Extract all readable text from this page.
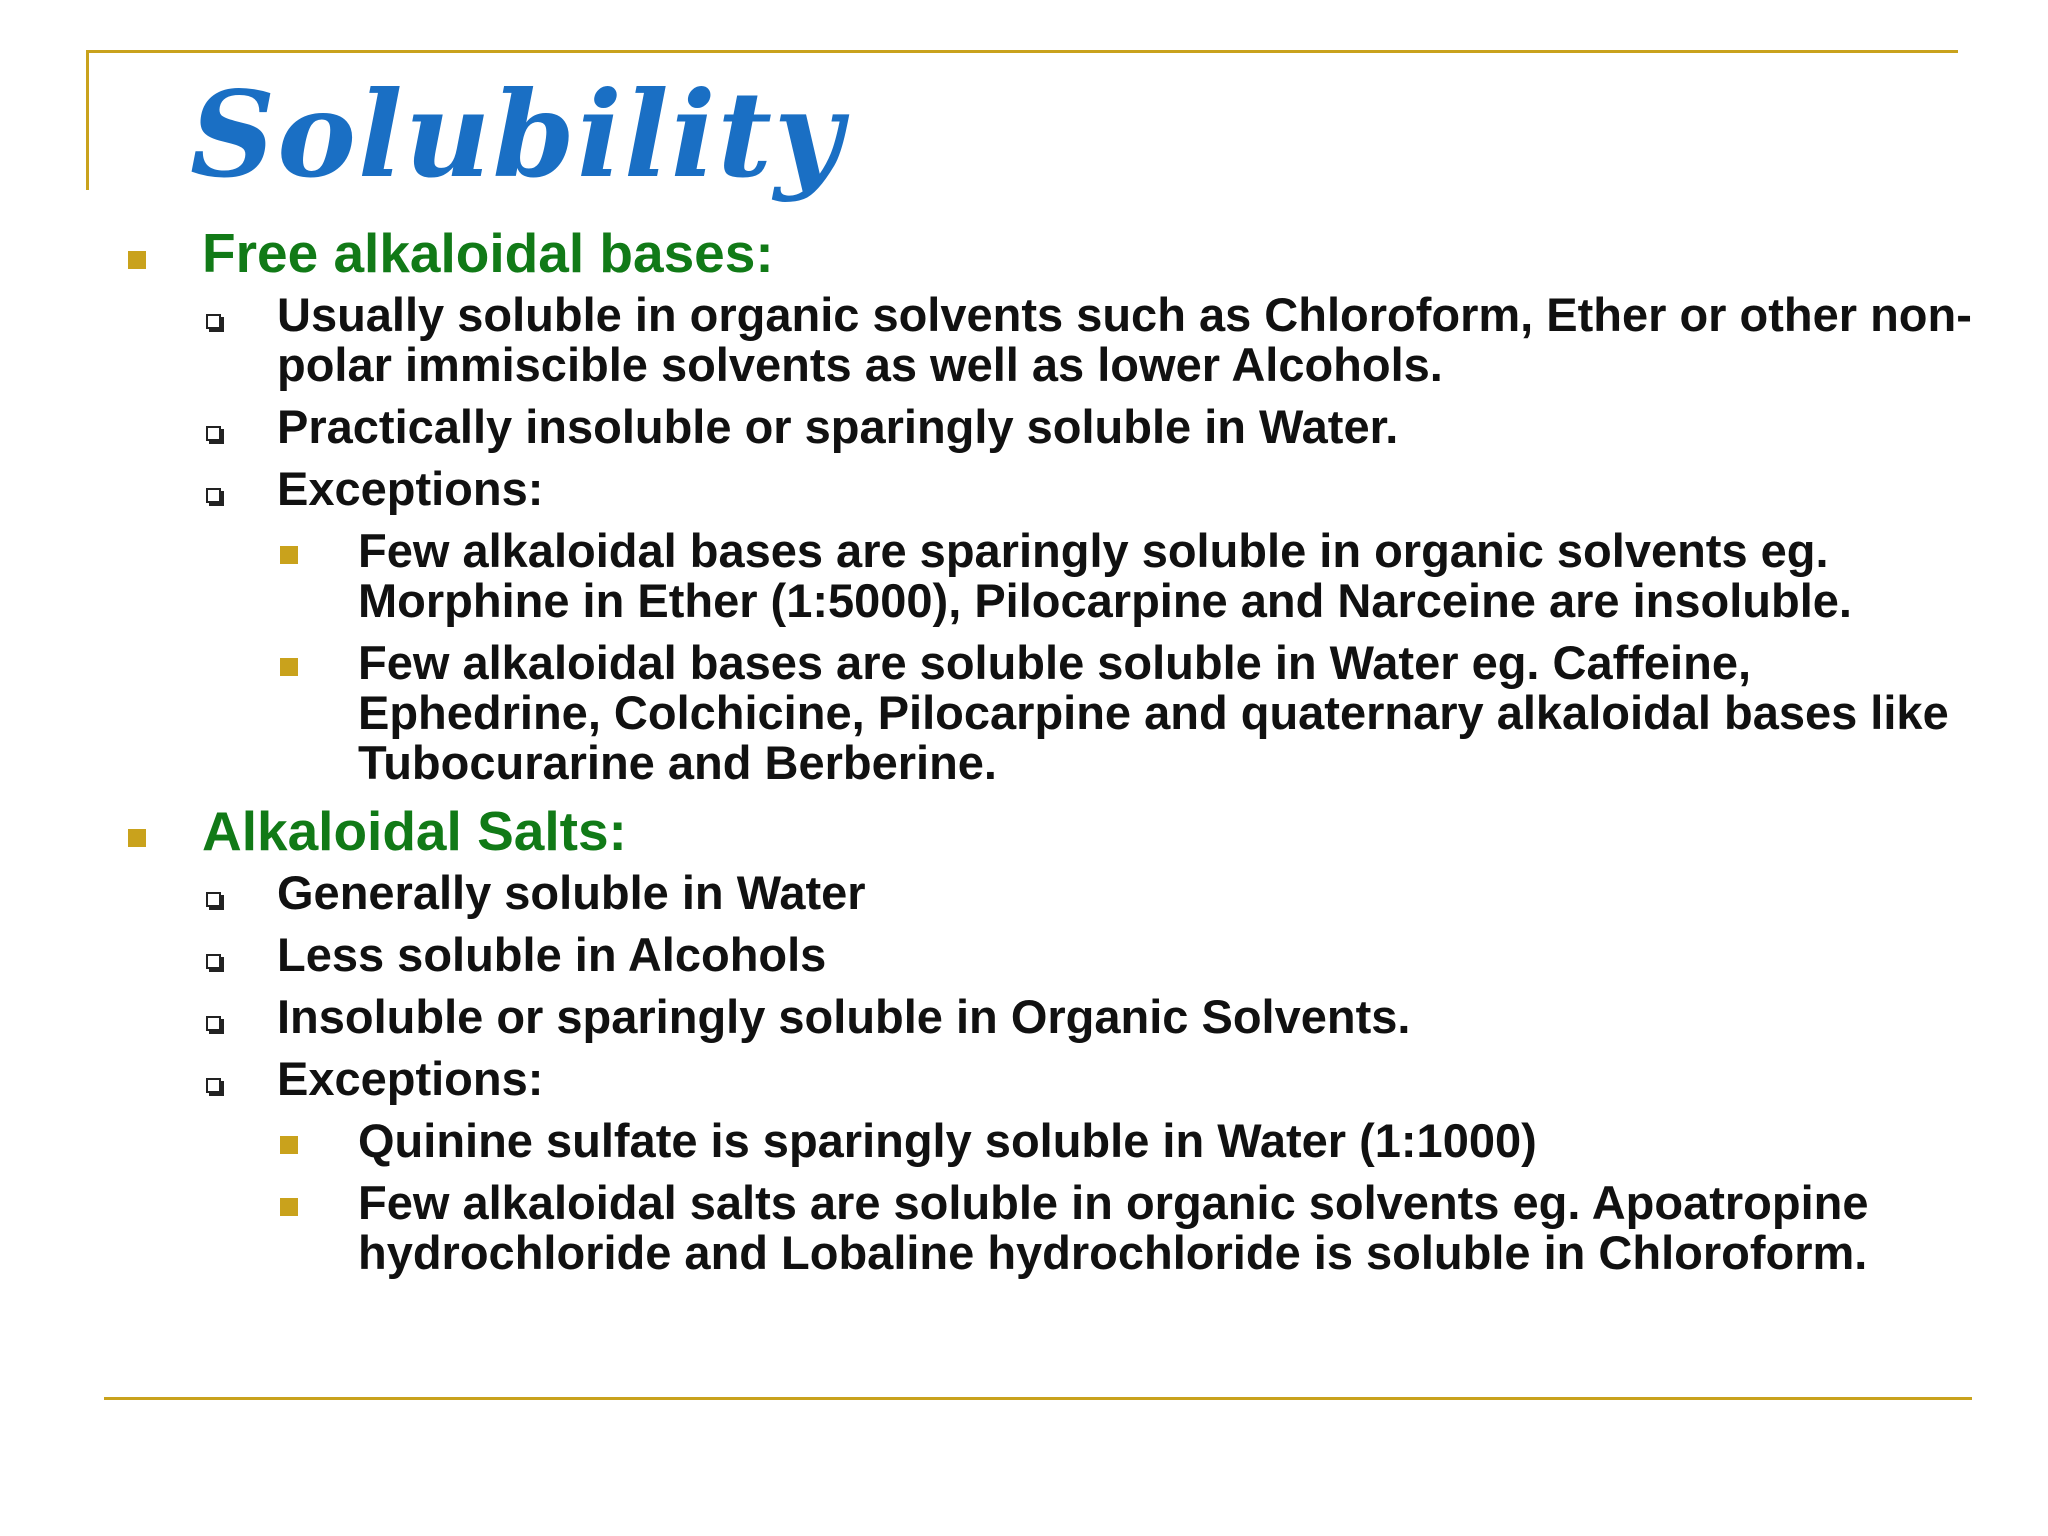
Solubility
Free alkaloidal bases:
Usually soluble in organic solvents such as Chloroform, Ether or other non-polar immiscible solvents as well as lower Alcohols.
Practically insoluble or sparingly soluble in Water.
Exceptions:
Few alkaloidal bases are sparingly soluble in organic solvents eg. Morphine in Ether (1:5000), Pilocarpine and Narceine are insoluble.
Few alkaloidal bases are soluble soluble in Water eg. Caffeine, Ephedrine, Colchicine, Pilocarpine and quaternary alkaloidal bases like Tubocurarine and Berberine.
Alkaloidal Salts:
Generally soluble in Water
Less soluble in Alcohols
Insoluble or sparingly soluble in Organic Solvents.
Exceptions:
Quinine sulfate is sparingly soluble in Water (1:1000)
Few alkaloidal salts are soluble in organic solvents eg. Apoatropine hydrochloride and Lobaline hydrochloride is soluble in Chloroform.
